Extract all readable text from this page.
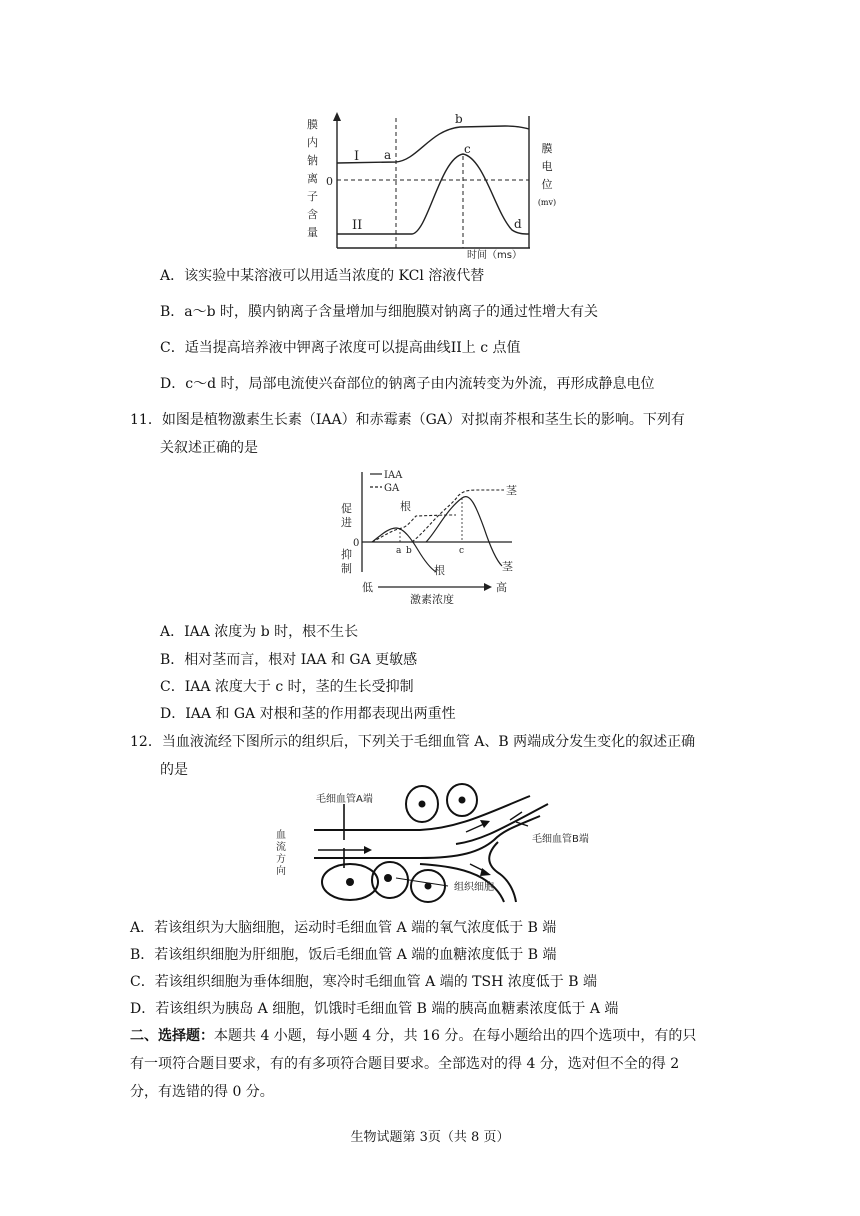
I
II
0
a
b
c
d
时间（ms）
膜
内
钠
离
子
含
量
膜
电
位
(mv)
A．该实验中某溶液可以用适当浓度的 KCl 溶液代替
B．a～b 时，膜内钠离子含量增加与细胞膜对钠离子的通过性增大有关
C．适当提高培养液中钾离子浓度可以提高曲线II上 c 点值
D．c～d 时，局部电流使兴奋部位的钠离子由内流转变为外流，再形成静息电位
11．如图是植物激素生长素（IAA）和赤霉素（GA）对拟南芥根和茎生长的影响。下列有
关叙述正确的是
IAA
GA
0
a b	c
根
茎
根	茎
促
进
抑
制
低	高
激素浓度
A．IAA 浓度为 b 时，根不生长
B．相对茎而言，根对 IAA 和 GA 更敏感
C．IAA 浓度大于 c 时，茎的生长受抑制
D．IAA 和 GA 对根和茎的作用都表现出两重性
12．当血液流经下图所示的组织后，下列关于毛细血管 A、B 两端成分发生变化的叙述正确
的是
毛细血管A端
毛细血管B端
组织细胞
血
流
方
向
A．若该组织为大脑细胞，运动时毛细血管 A 端的氧气浓度低于 B 端
B．若该组织细胞为肝细胞，饭后毛细血管 A 端的血糖浓度低于 B 端
C．若该组织细胞为垂体细胞，寒冷时毛细血管 A 端的 TSH 浓度低于 B 端
D．若该组织为胰岛 A 细胞，饥饿时毛细血管 B 端的胰高血糖素浓度低于 A 端
二、选择题：本题共 4 小题，每小题 4 分，共 16 分。在每小题给出的四个选项中，有的只
有一项符合题目要求，有的有多项符合题目要求。全部选对的得 4 分，选对但不全的得 2
分，有选错的得 0 分。
生物试题第 3页（共 8 页）
